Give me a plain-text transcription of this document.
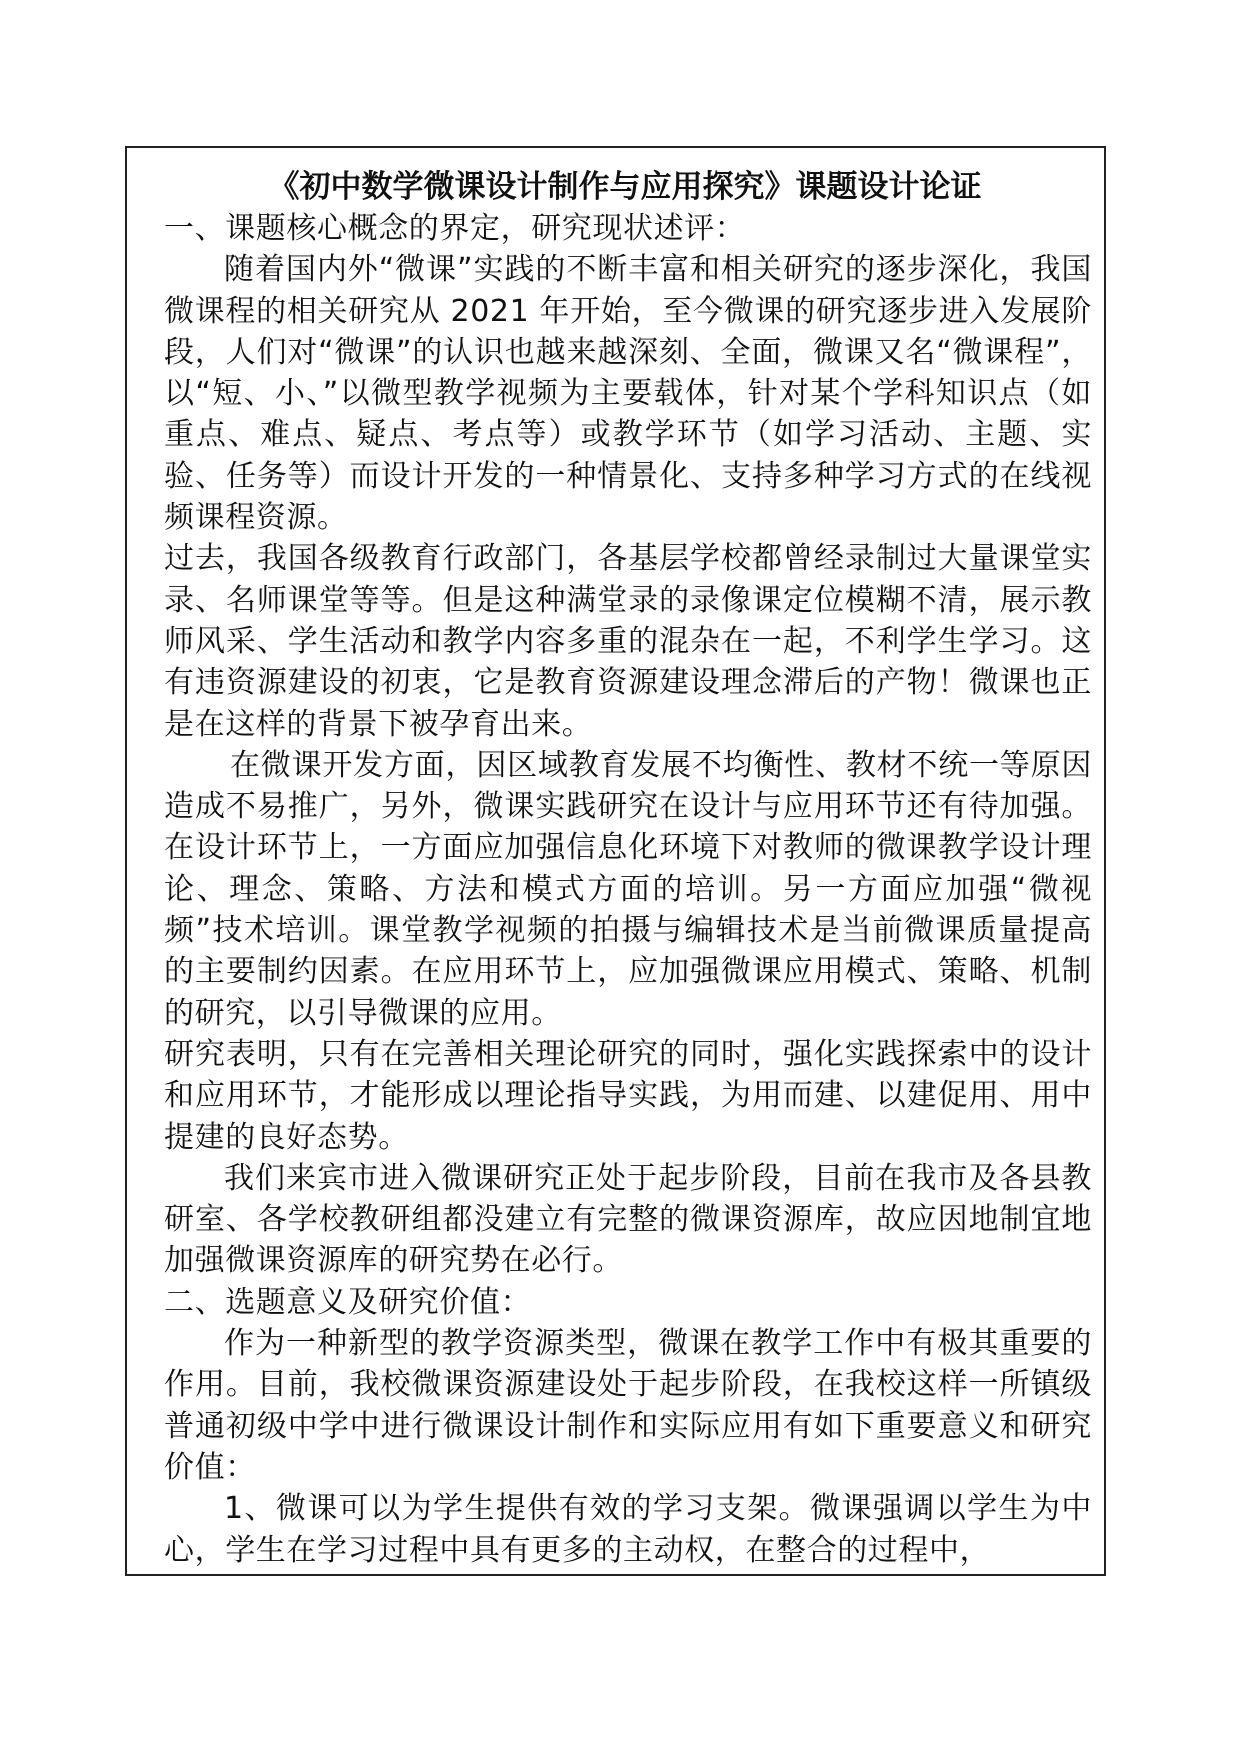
《初中数学微课设计制作与应用探究》课题设计论证

一、课题核心概念的界定，研究现状述评：

随着国内外“微课”实践的不断丰富和相关研究的逐步深化，我国微课程的相关研究从 2021 年开始，至今微课的研究逐步进入发展阶段，人们对“微课”的认识也越来越深刻、全面，微课又名“微课程”，以“短、小、”以微型教学视频为主要载体，针对某个学科知识点（如重点、难点、疑点、考点等）或教学环节（如学习活动、主题、实验、任务等）而设计开发的一种情景化、支持多种学习方式的在线视频课程资源。

过去，我国各级教育行政部门，各基层学校都曾经录制过大量课堂实录、名师课堂等等。但是这种满堂录的录像课定位模糊不清，展示教师风采、学生活动和教学内容多重的混杂在一起，不利学生学习。这有违资源建设的初衷，它是教育资源建设理念滞后的产物！微课也正是在这样的背景下被孕育出来。

在微课开发方面，因区域教育发展不均衡性、教材不统一等原因造成不易推广，另外，微课实践研究在设计与应用环节还有待加强。在设计环节上，一方面应加强信息化环境下对教师的微课教学设计理论、理念、策略、方法和模式方面的培训。另一方面应加强“微视频”技术培训。课堂教学视频的拍摄与编辑技术是当前微课质量提高的主要制约因素。在应用环节上，应加强微课应用模式、策略、机制的研究，以引导微课的应用。

研究表明，只有在完善相关理论研究的同时，强化实践探索中的设计和应用环节，才能形成以理论指导实践，为用而建、以建促用、用中提建的良好态势。

我们来宾市进入微课研究正处于起步阶段，目前在我市及各县教研室、各学校教研组都没建立有完整的微课资源库，故应因地制宜地加强微课资源库的研究势在必行。

二、选题意义及研究价值：

作为一种新型的教学资源类型，微课在教学工作中有极其重要的作用。目前，我校微课资源建设处于起步阶段，在我校这样一所镇级普通初级中学中进行微课设计制作和实际应用有如下重要意义和研究价值：

1、微课可以为学生提供有效的学习支架。微课强调以学生为中心，学生在学习过程中具有更多的主动权，在整合的过程中，
